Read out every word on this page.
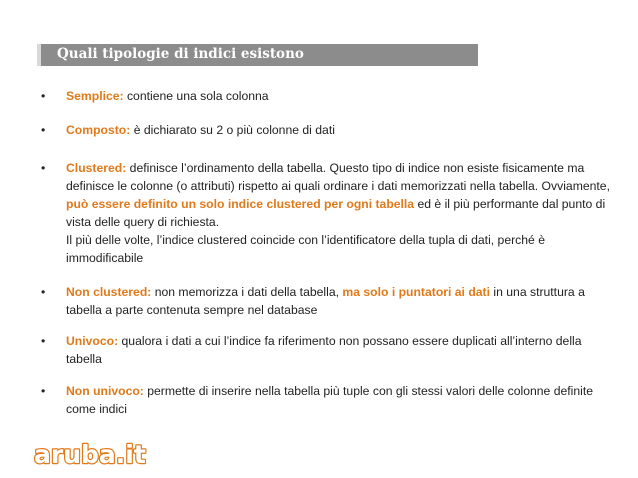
Quali tipologie di indici esistono
•	Semplice: contiene una sola colonna
•	Composto: è dichiarato su 2 o più colonne di dati
•	Clustered: definisce l’ordinamento della tabella. Questo tipo di indice non esiste fisicamente ma definisce le colonne (o attributi) rispetto ai quali ordinare i dati memorizzati nella tabella. Ovviamente, può essere definito un solo indice clustered per ogni tabella ed è il più performante dal punto di vista delle query di richiesta.
Il più delle volte, l’indice clustered coincide con l’identificatore della tupla di dati, perché è immodificabile
•	Non clustered: non memorizza i dati della tabella, ma solo i puntatori ai dati in una struttura a tabella a parte contenuta sempre nel database
•	Univoco: qualora i dati a cui l’indice fa riferimento non possano essere duplicati all’interno della tabella
•	Non univoco: permette di inserire nella tabella più tuple con gli stessi valori delle colonne definite come indici
aruba.it
